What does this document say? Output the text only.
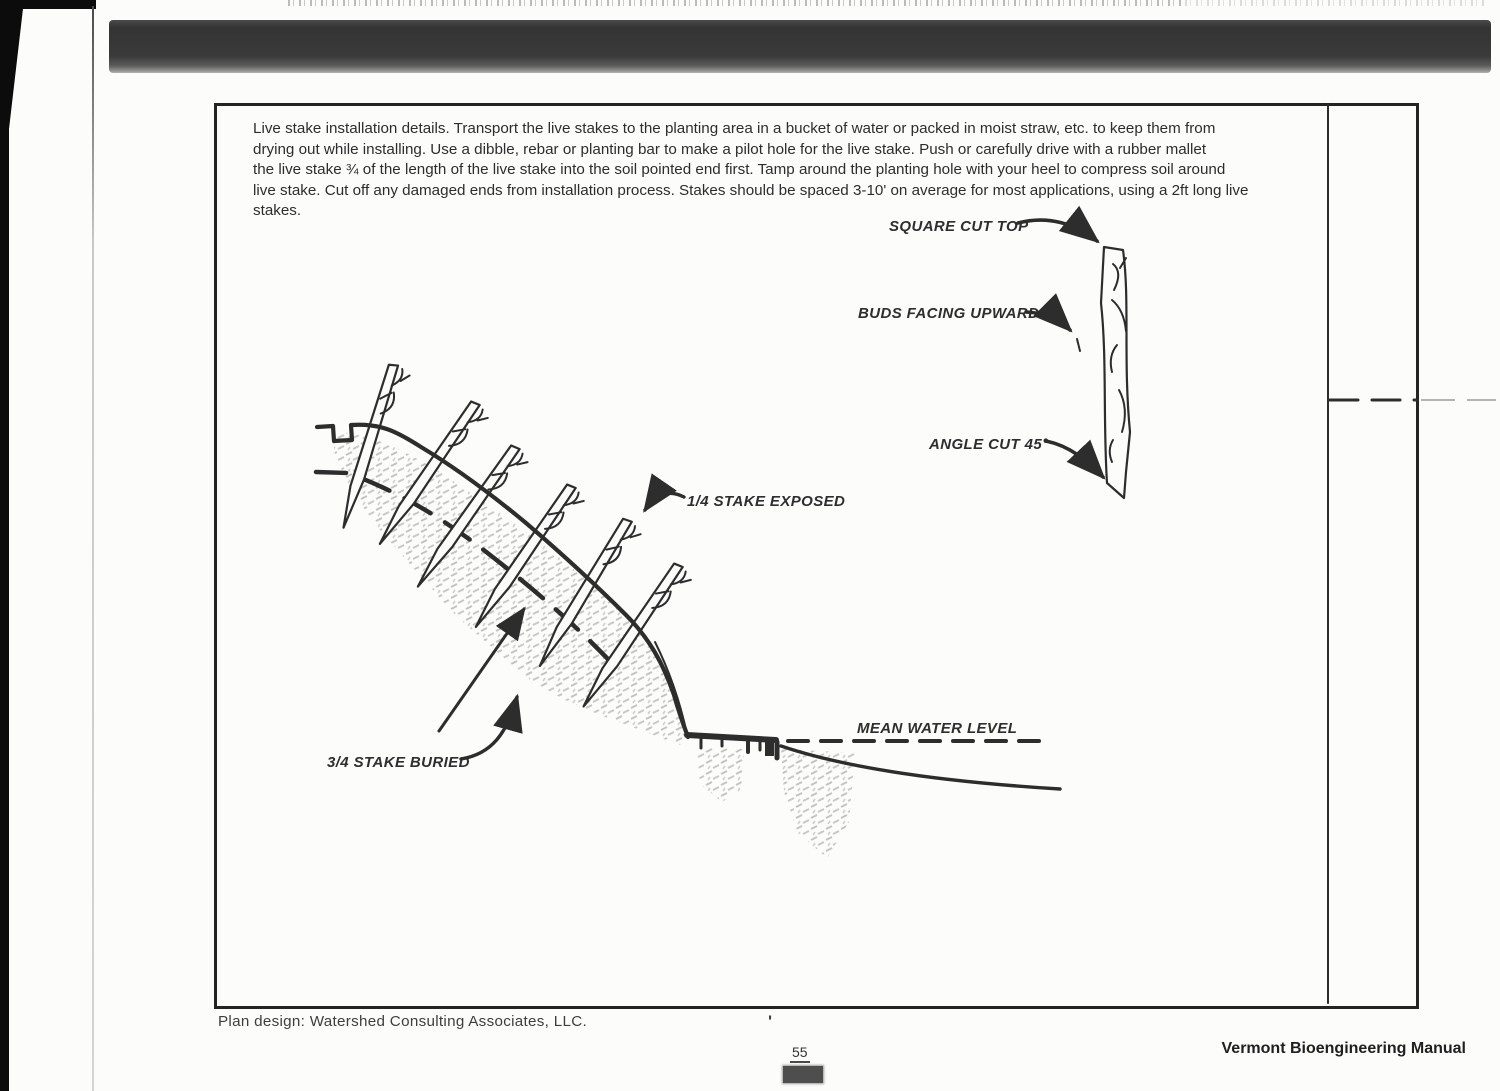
Live stake installation details. Transport the live stakes to the planting area in a bucket of water or packed in moist straw, etc. to keep them from
drying out while installing. Use a dibble, rebar or planting bar to make a pilot hole for the live stake. Push or carefully drive with a rubber mallet
the live stake ¾ of the length of the live stake into the soil pointed end first. Tamp around the planting hole with your heel to compress soil around
live stake. Cut off any damaged ends from installation process. Stakes should be spaced 3-10' on average for most applications, using a 2ft long live
stakes.
MEAN WATER LEVEL
3/4 STAKE BURIED
1/4 STAKE EXPOSED
SQUARE CUT TOP
BUDS FACING UPWARD
ANGLE CUT 45°
Plan design: Watershed Consulting Associates, LLC.	'
55	Vermont Bioengineering Manual
